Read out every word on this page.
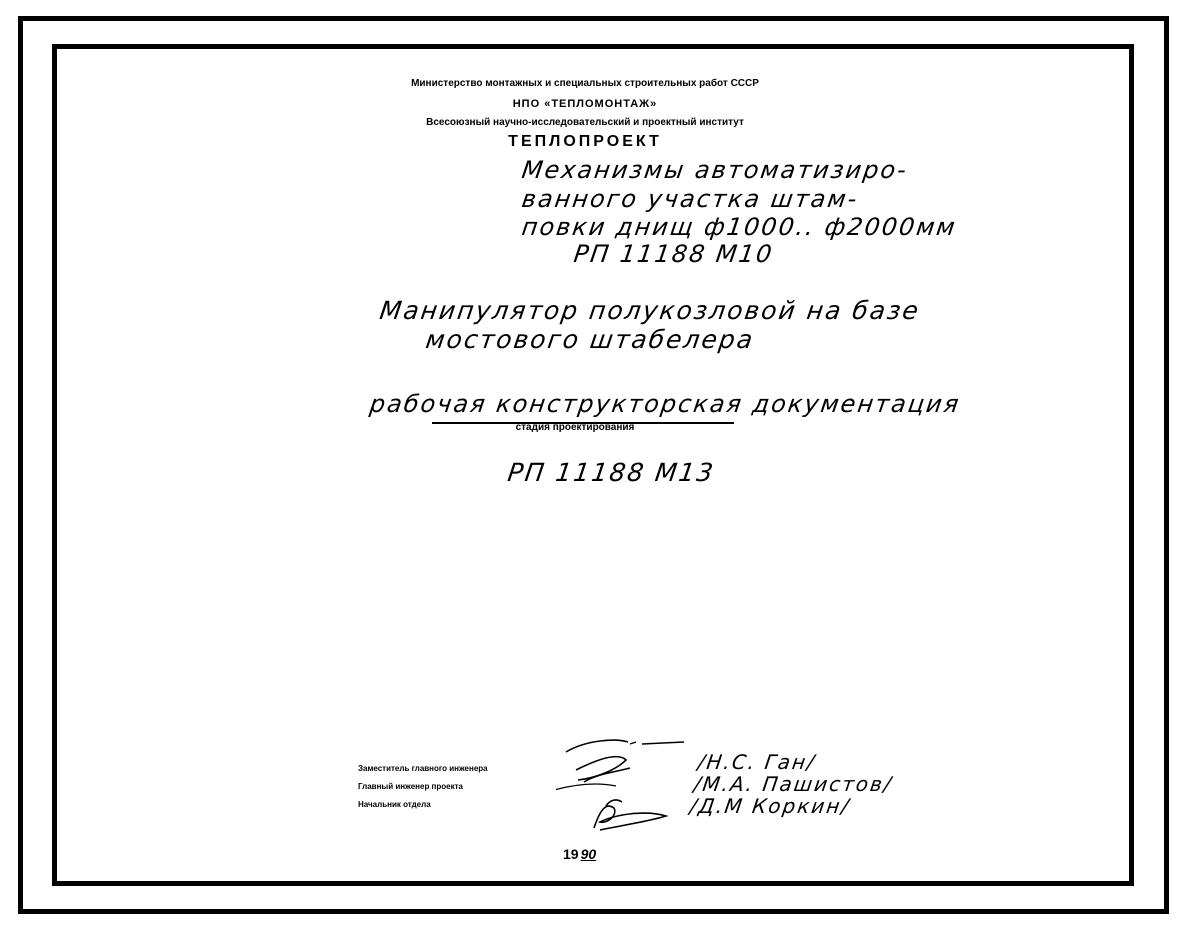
Министерство монтажных и специальных строительных работ СССР
НПО «ТЕПЛОМОНТАЖ»
Всесоюзный научно-исследовательский и проектный институт
ТЕПЛОПРОЕКТ
Механизмы автоматизиро-
ванного участка штам-
повки днищ ф1000.. ф2000мм
РП 11188 М10
Манипулятор полукозловой на базе
мостового штабелера
рабочая конструкторская документация
стадия проектирования
РП 11188 М13
Заместитель главного инженера
Главный инженер проекта
Начальник отдела
/Н.С. Ган/
/М.А. Пашистов/
/Д.М Коркин/
19 90
